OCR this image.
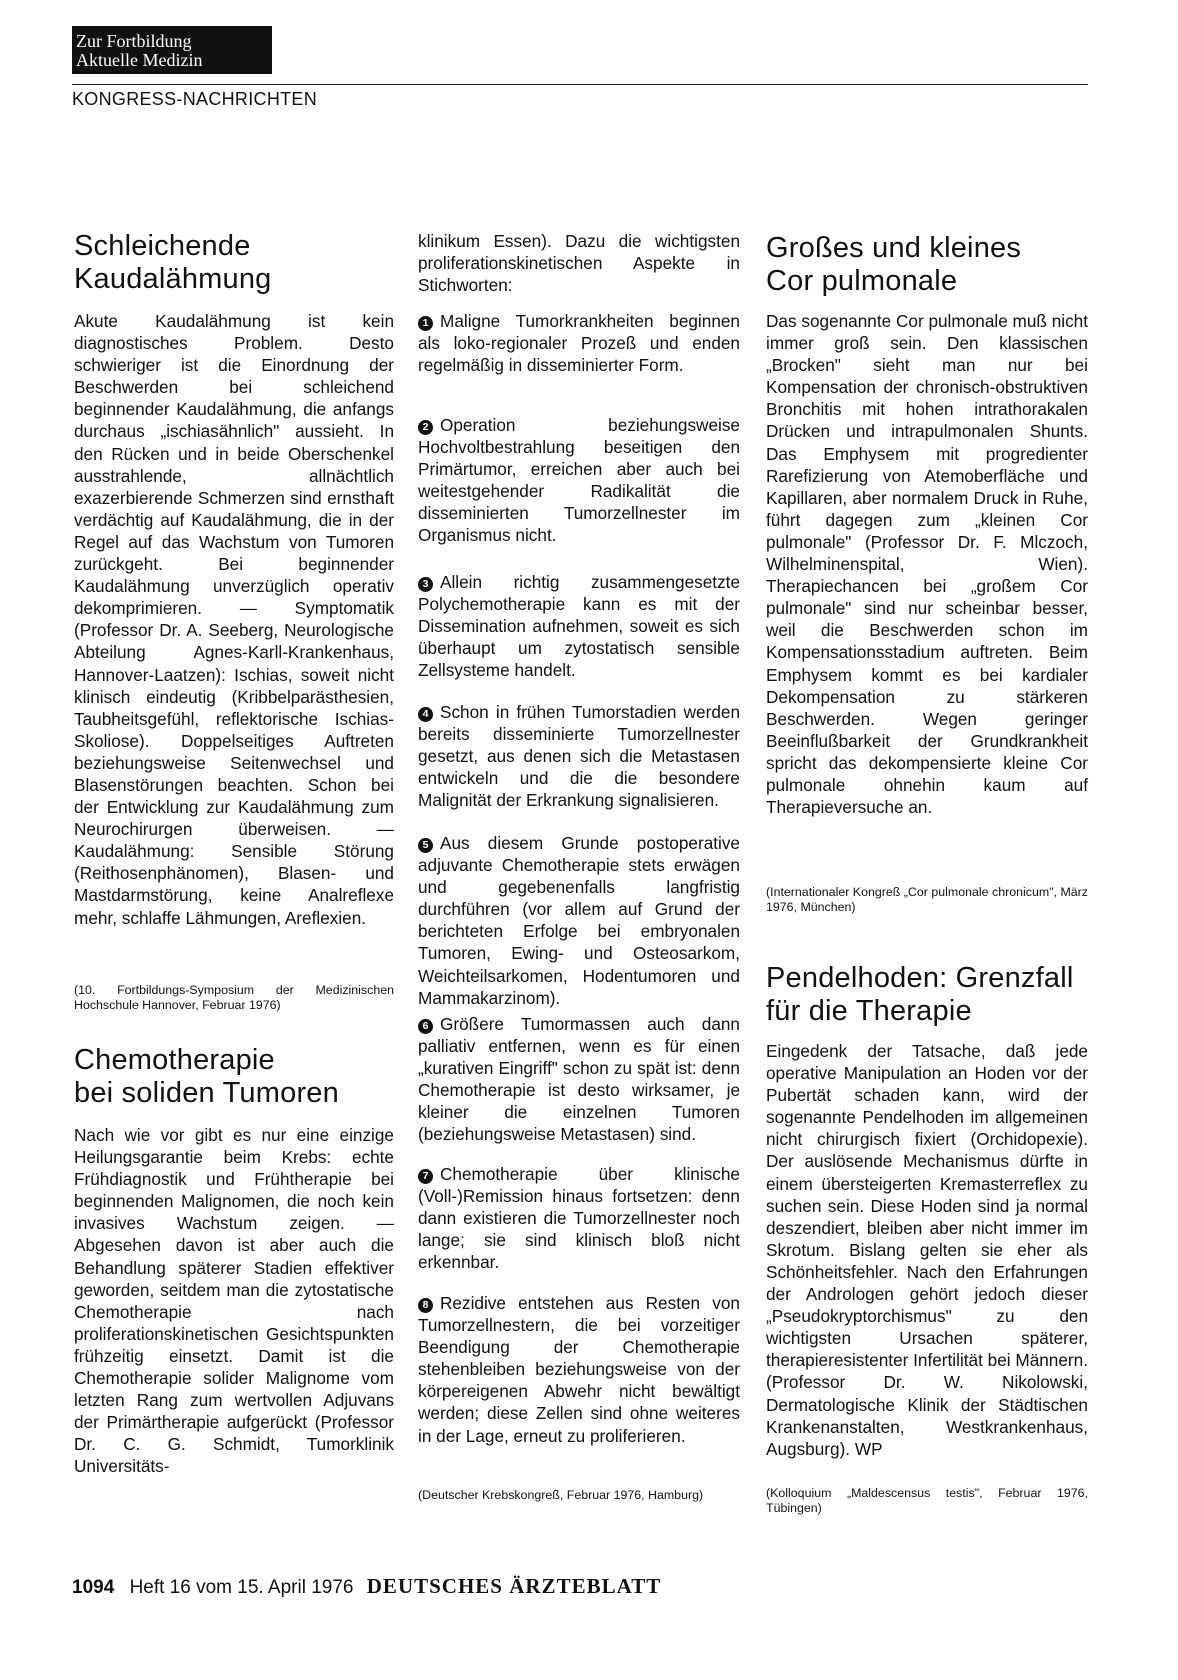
Zur Fortbildung
Aktuelle Medizin
KONGRESS-NACHRICHTEN
Schleichende
Kaudalähmung

Akute Kaudalähmung ist kein diagnostisches Problem. Desto schwieriger ist die Einordnung der Beschwerden bei schleichend beginnender Kaudalähmung, die anfangs durchaus „ischiasähnlich" aussieht. In den Rücken und in beide Oberschenkel ausstrahlende, allnächtlich exazerbierende Schmerzen sind ernsthaft verdächtig auf Kaudalähmung, die in der Regel auf das Wachstum von Tumoren zurückgeht. Bei beginnender Kaudalähmung unverzüglich operativ dekomprimieren. — Symptomatik (Professor Dr. A. Seeberg, Neurologische Abteilung Agnes-Karll-Krankenhaus, Hannover-Laatzen): Ischias, soweit nicht klinisch eindeutig (Kribbelparästhesien, Taubheitsgefühl, reflektorische Ischias-Skoliose). Doppelseitiges Auftreten beziehungsweise Seitenwechsel und Blasenstörungen beachten. Schon bei der Entwicklung zur Kaudalähmung zum Neurochirurgen überweisen. — Kaudalähmung: Sensible Störung (Reithosenphänomen), Blasen- und Mastdarmstörung, keine Analreflexe mehr, schlaffe Lähmungen, Areflexien.

(10. Fortbildungs-Symposium der Medizinischen Hochschule Hannover, Februar 1976)

Chemotherapie
bei soliden Tumoren

Nach wie vor gibt es nur eine einzige Heilungsgarantie beim Krebs: echte Frühdiagnostik und Frühtherapie bei beginnenden Malignomen, die noch kein invasives Wachstum zeigen. — Abgesehen davon ist aber auch die Behandlung späterer Stadien effektiver geworden, seitdem man die zytostatische Chemotherapie nach proliferationskinetischen Gesichtspunkten frühzeitig einsetzt. Damit ist die Chemotherapie solider Malignome vom letzten Rang zum wertvollen Adjuvans der Primärtherapie aufgerückt (Professor Dr. C. G. Schmidt, Tumorklinik Universitäts-

klinikum Essen). Dazu die wichtigsten proliferationskinetischen Aspekte in Stichworten:

1 Maligne Tumorkrankheiten beginnen als loko-regionaler Prozeß und enden regelmäßig in disseminierter Form.

2 Operation beziehungsweise Hochvoltbestrahlung beseitigen den Primärtumor, erreichen aber auch bei weitestgehender Radikalität die disseminierten Tumorzellnester im Organismus nicht.

3 Allein richtig zusammengesetzte Polychemotherapie kann es mit der Dissemination aufnehmen, soweit es sich überhaupt um zytostatisch sensible Zellsysteme handelt.

4 Schon in frühen Tumorstadien werden bereits disseminierte Tumorzellnester gesetzt, aus denen sich die Metastasen entwickeln und die die besondere Malignität der Erkrankung signalisieren.

5 Aus diesem Grunde postoperative adjuvante Chemotherapie stets erwägen und gegebenenfalls langfristig durchführen (vor allem auf Grund der berichteten Erfolge bei embryonalen Tumoren, Ewing- und Osteosarkom, Weichteilsarkomen, Hodentumoren und Mammakarzinom).

6 Größere Tumormassen auch dann palliativ entfernen, wenn es für einen „kurativen Eingriff" schon zu spät ist: denn Chemotherapie ist desto wirksamer, je kleiner die einzelnen Tumoren (beziehungsweise Metastasen) sind.

7 Chemotherapie über klinische (Voll-)Remission hinaus fortsetzen: denn dann existieren die Tumorzellnester noch lange; sie sind klinisch bloß nicht erkennbar.

8 Rezidive entstehen aus Resten von Tumorzellnestern, die bei vorzeitiger Beendigung der Chemotherapie stehenbleiben beziehungsweise von der körpereigenen Abwehr nicht bewältigt werden; diese Zellen sind ohne weiteres in der Lage, erneut zu proliferieren.

(Deutscher Krebskongreß, Februar 1976, Hamburg)

Großes und kleines
Cor pulmonale

Das sogenannte Cor pulmonale muß nicht immer groß sein. Den klassischen „Brocken" sieht man nur bei Kompensation der chronisch-obstruktiven Bronchitis mit hohen intrathorakalen Drücken und intrapulmonalen Shunts. Das Emphysem mit progredienter Rarefizierung von Atemoberfläche und Kapillaren, aber normalem Druck in Ruhe, führt dagegen zum „kleinen Cor pulmonale" (Professor Dr. F. Mlczoch, Wilhelminenspital, Wien). Therapiechancen bei „großem Cor pulmonale" sind nur scheinbar besser, weil die Beschwerden schon im Kompensationsstadium auftreten. Beim Emphysem kommt es bei kardialer Dekompensation zu stärkeren Beschwerden. Wegen geringer Beeinflußbarkeit der Grundkrankheit spricht das dekompensierte kleine Cor pulmonale ohnehin kaum auf Therapieversuche an.

(Internationaler Kongreß „Cor pulmonale chronicum", März 1976, München)

Pendelhoden: Grenzfall
für die Therapie

Eingedenk der Tatsache, daß jede operative Manipulation an Hoden vor der Pubertät schaden kann, wird der sogenannte Pendelhoden im allgemeinen nicht chirurgisch fixiert (Orchidopexie). Der auslösende Mechanismus dürfte in einem übersteigerten Kremasterreflex zu suchen sein. Diese Hoden sind ja normal deszendiert, bleiben aber nicht immer im Skrotum. Bislang gelten sie eher als Schönheitsfehler. Nach den Erfahrungen der Andrologen gehört jedoch dieser „Pseudokryptorchismus" zu den wichtigsten Ursachen späterer, therapieresistenter Infertilität bei Männern. (Professor Dr. W. Nikolowski, Dermatologische Klinik der Städtischen Krankenanstalten, Westkrankenhaus, Augsburg). WP

(Kolloquium „Maldescensus testis", Februar 1976, Tübingen)

1094 Heft 16 vom 15. April 1976 DEUTSCHES ÄRZTEBLATT
